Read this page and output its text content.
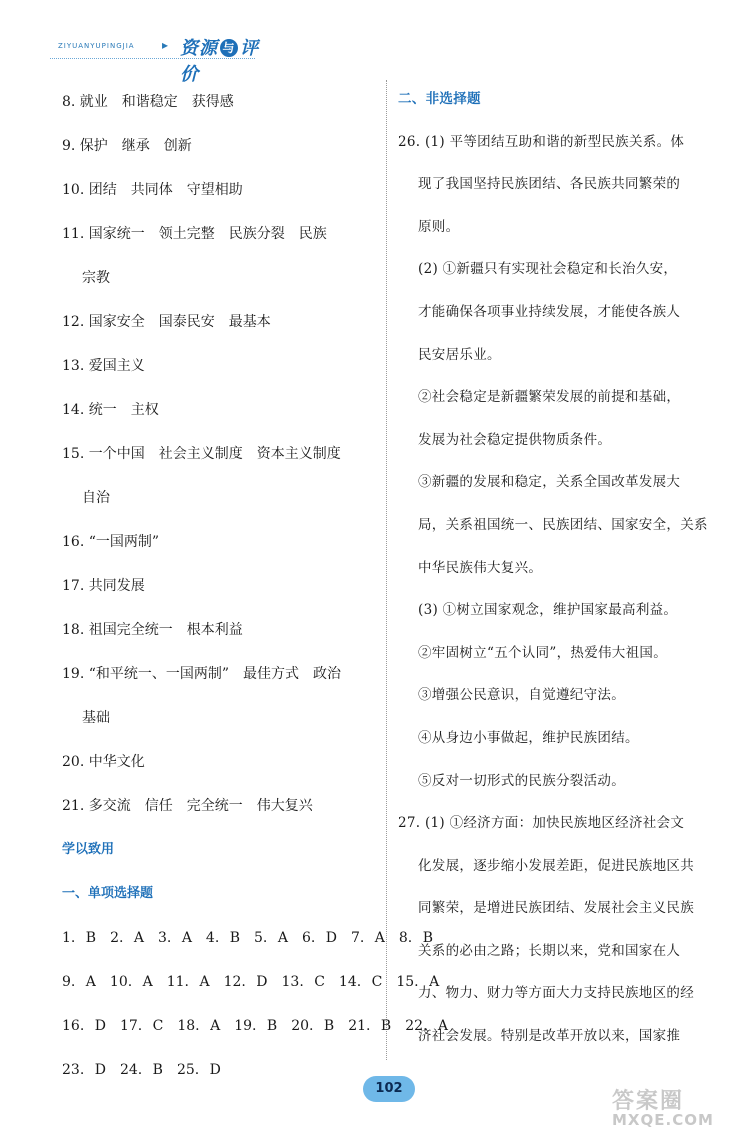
ZIYUANYUPINGJIA ▸ 资源 与 评价
8. 就业　和谐稳定　获得感
9. 保护　继承　创新
10. 团结　共同体　守望相助
11. 国家统一　领土完整　民族分裂　民族
宗教
12. 国家安全　国泰民安　最基本
13. 爱国主义
14. 统一　主权
15. 一个中国　社会主义制度　资本主义制度
自治
16. “一国两制”
17. 共同发展
18. 祖国完全统一　根本利益
19. “和平统一、一国两制”　最佳方式　政治
基础
20. 中华文化
21. 多交流　信任　完全统一　伟大复兴
学以致用
一、单项选择题
1. B　2. A　3. A　4. B　5. A　6. D　7. A　8. B
9. A　10. A　11. A　12. D　13. C　14. C　15. A
16. D　17. C　18. A　19. B　20. B　21. B　22. A
23. D　24. B　25. D
二、非选择题
26. (1) 平等团结互助和谐的新型民族关系。体
现了我国坚持民族团结、各民族共同繁荣的
原则。
(2) ①新疆只有实现社会稳定和长治久安，
才能确保各项事业持续发展，才能使各族人
民安居乐业。
②社会稳定是新疆繁荣发展的前提和基础，
发展为社会稳定提供物质条件。
③新疆的发展和稳定，关系全国改革发展大
局，关系祖国统一、民族团结、国家安全，关系
中华民族伟大复兴。
(3) ①树立国家观念，维护国家最高利益。
②牢固树立“五个认同”，热爱伟大祖国。
③增强公民意识，自觉遵纪守法。
④从身边小事做起，维护民族团结。
⑤反对一切形式的民族分裂活动。
27. (1) ①经济方面：加快民族地区经济社会文
化发展，逐步缩小发展差距，促进民族地区共
同繁荣，是增进民族团结、发展社会主义民族
关系的必由之路；长期以来，党和国家在人
力、物力、财力等方面大力支持民族地区的经
济社会发展。特别是改革开放以来，国家推
102
答案圈
MXQE.COM
